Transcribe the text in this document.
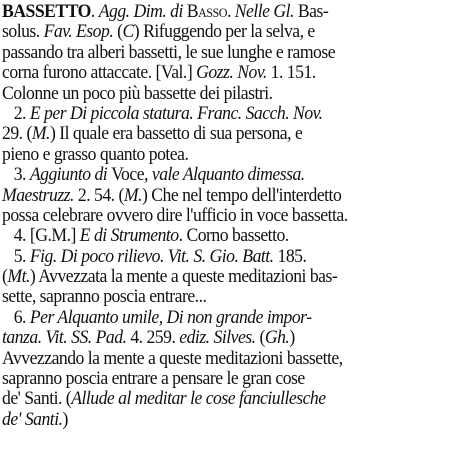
BASSETTO. Agg. Dim. di Basso. Nelle Gl. Bas-
solus. Fav. Esop. (C) Rifuggendo per la selva, e
passando tra alberi bassetti, le sue lunghe e ramose
corna furono attaccate. [Val.] Gozz. Nov. 1. 151.
Colonne un poco più bassette dei pilastri.
2. E per Di piccola statura. Franc. Sacch. Nov.
29. (M.) Il quale era bassetto di sua persona, e
pieno e grasso quanto potea.
3. Aggiunto di Voce, vale Alquanto dimessa.
Maestruzz. 2. 54. (M.) Che nel tempo dell'interdetto
possa celebrare ovvero dire l'ufficio in voce bassetta.
4. [G.M.] E di Strumento. Corno bassetto.
5. Fig. Di poco rilievo. Vit. S. Gio. Batt. 185.
(Mt.) Avvezzata la mente a queste meditazioni bas-
sette, sapranno poscia entrare...
6. Per Alquanto umile, Di non grande impor-
tanza. Vit. SS. Pad. 4. 259. ediz. Silves. (Gh.)
Avvezzando la mente a queste meditazioni bassette,
sapranno poscia entrare a pensare le gran cose
de' Santi. (Allude al meditar le cose fanciullesche
de' Santi.)
